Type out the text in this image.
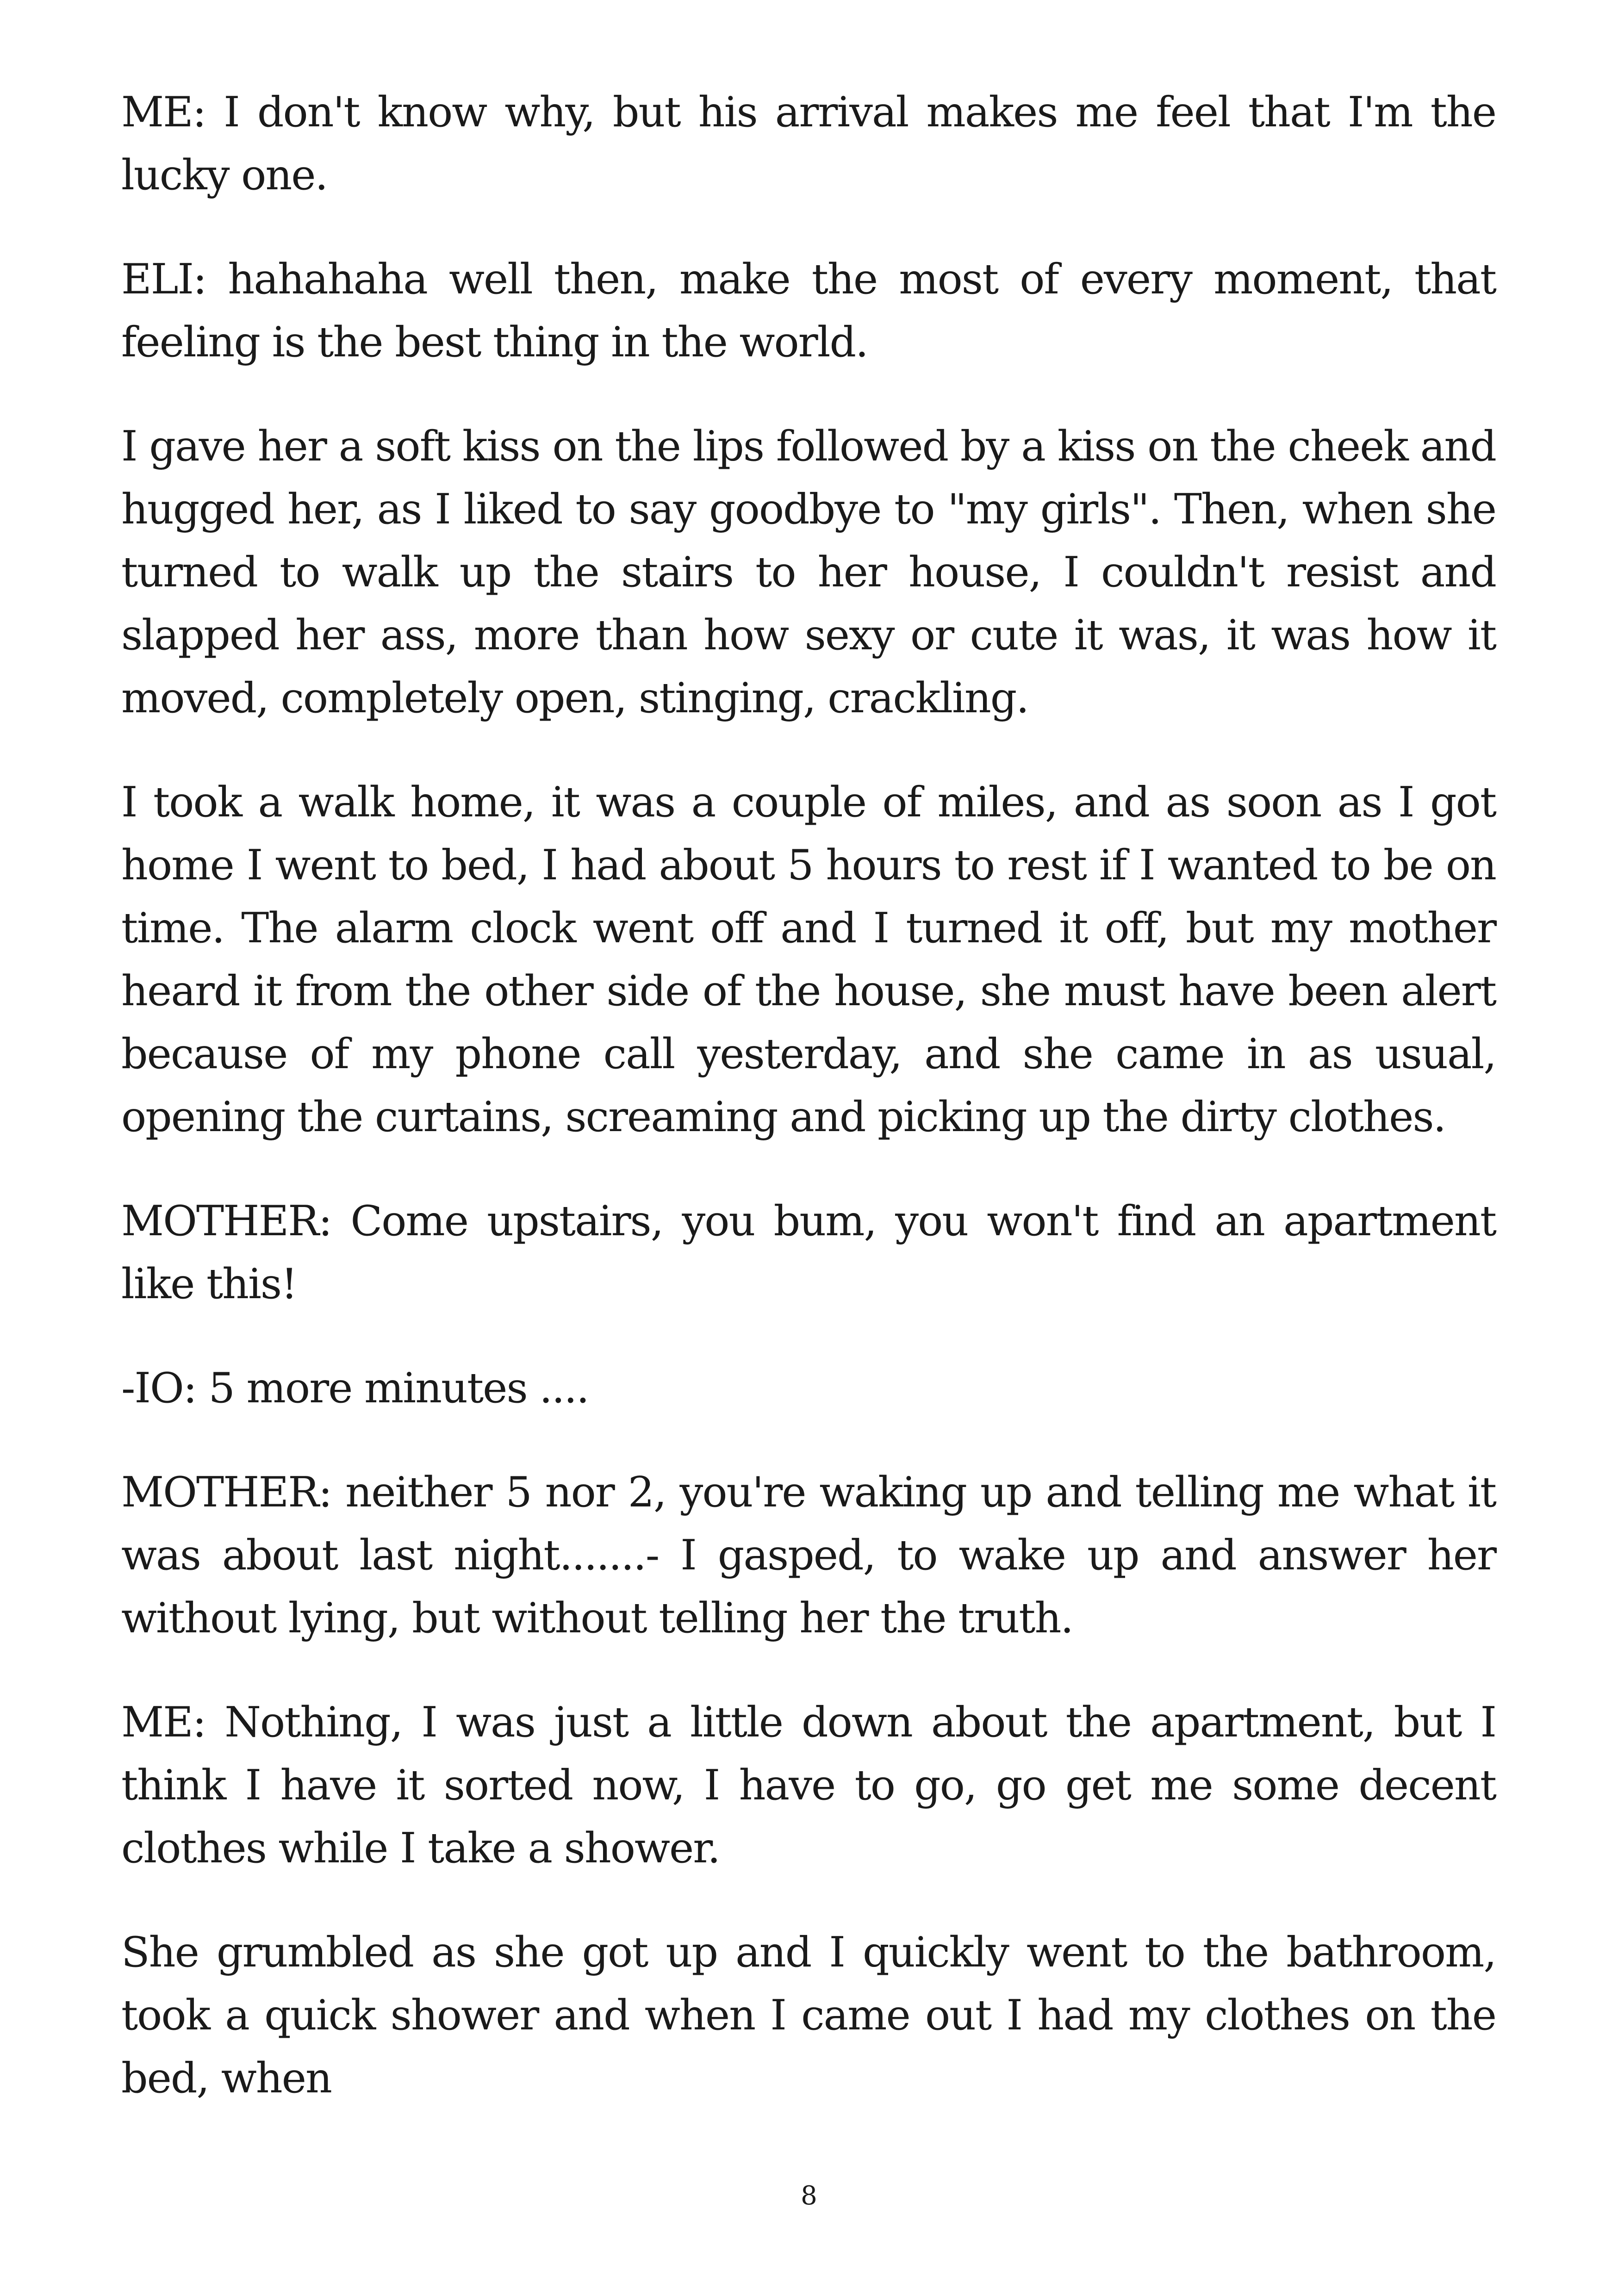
ME: I don't know why, but his arrival makes me feel that I'm the lucky one.

ELI: hahahaha well then, make the most of every moment, that feeling is the best thing in the world.

I gave her a soft kiss on the lips followed by a kiss on the cheek and hugged her, as I liked to say goodbye to "my girls". Then, when she turned to walk up the stairs to her house, I couldn't resist and slapped her ass, more than how sexy or cute it was, it was how it moved, completely open, stinging, crackling.

I took a walk home, it was a couple of miles, and as soon as I got home I went to bed, I had about 5 hours to rest if I wanted to be on time. The alarm clock went off and I turned it off, but my mother heard it from the other side of the house, she must have been alert because of my phone call yesterday, and she came in as usual, opening the curtains, screaming and picking up the dirty clothes.

MOTHER: Come upstairs, you bum, you won't find an apartment like this!

-IO: 5 more minutes ....

MOTHER: neither 5 nor 2, you're waking up and telling me what it was about last night.......- I gasped, to wake up and answer her without lying, but without telling her the truth.

ME: Nothing, I was just a little down about the apartment, but I think I have it sorted now, I have to go, go get me some decent clothes while I take a shower.

She grumbled as she got up and I quickly went to the bathroom, took a quick shower and when I came out I had my clothes on the bed, when

8
